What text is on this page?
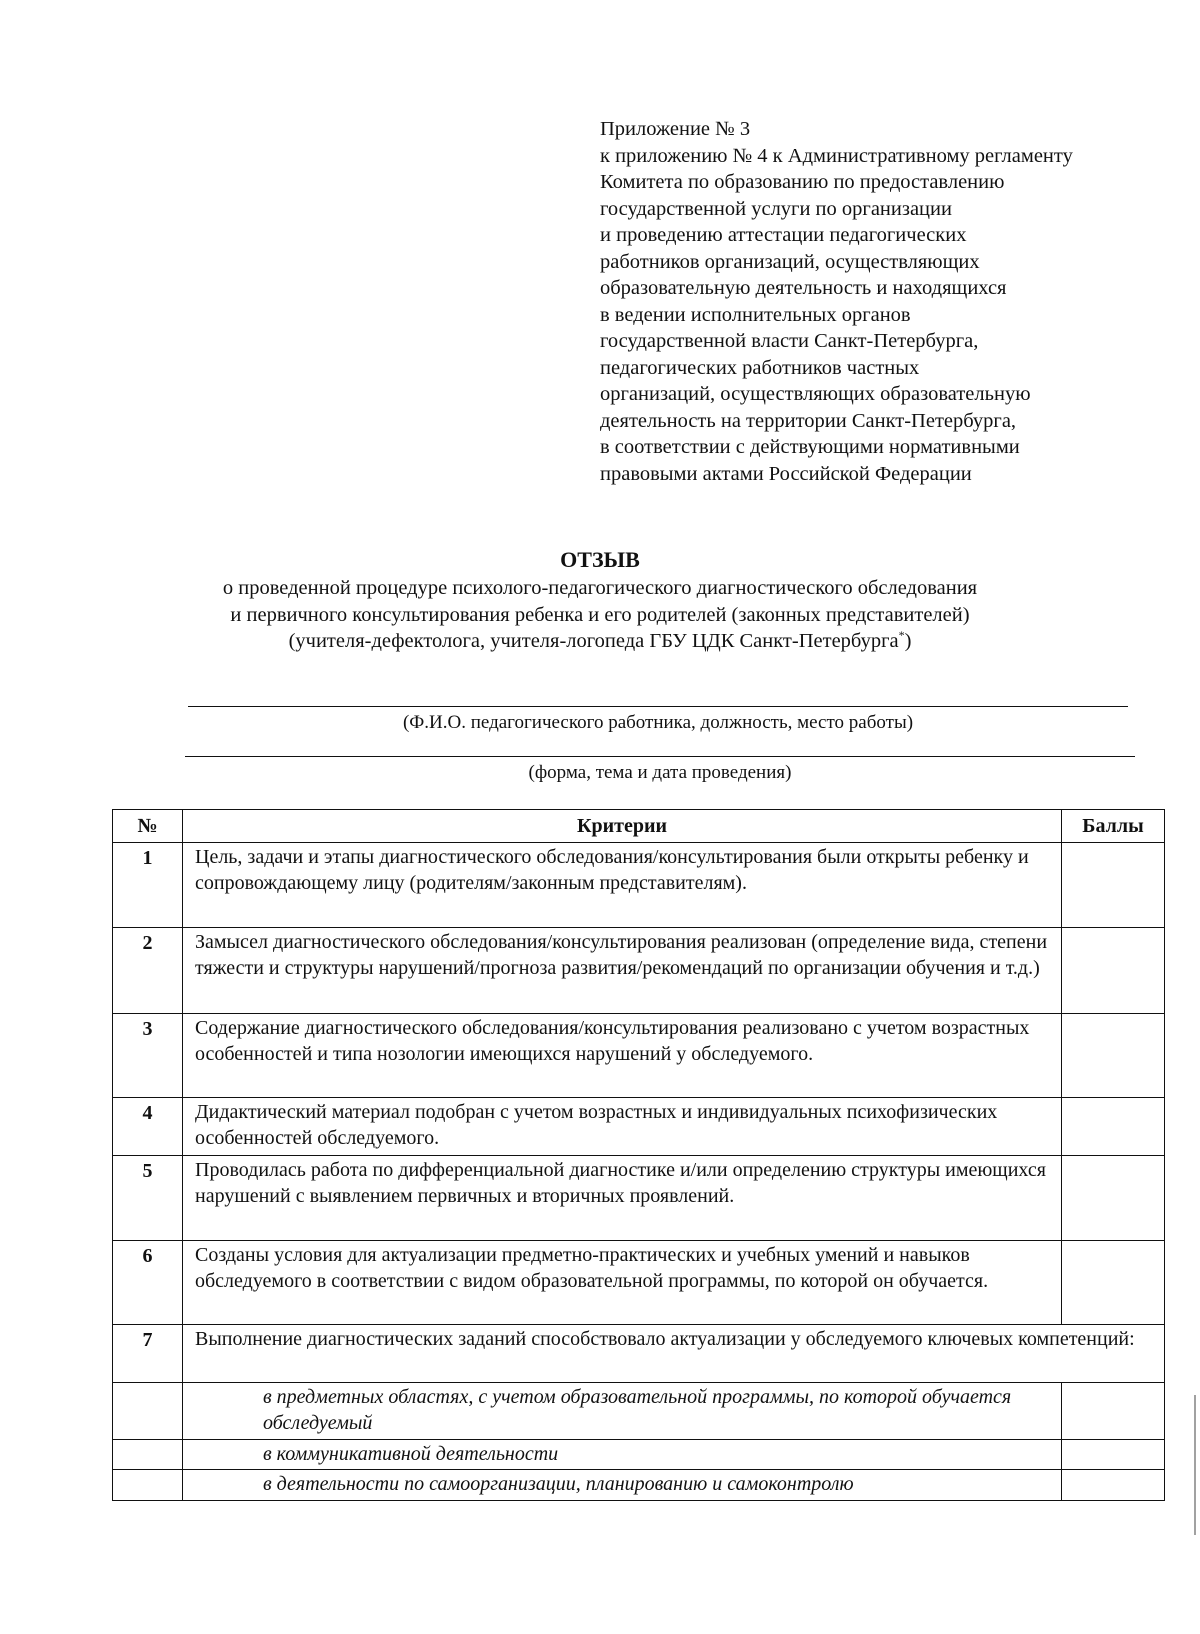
Приложение № 3
к приложению № 4 к Административному регламенту
Комитета по образованию по предоставлению
государственной услуги по организации
и проведению аттестации педагогических
работников организаций, осуществляющих
образовательную деятельность и находящихся
в ведении исполнительных органов
государственной власти Санкт-Петербурга,
педагогических работников частных
организаций, осуществляющих образовательную
деятельность на территории Санкт-Петербурга,
в соответствии с действующими нормативными
правовыми актами Российской Федерации
ОТЗЫВ
о проведенной процедуре психолого-педагогического диагностического обследования
и первичного консультирования ребенка и его родителей (законных представителей)
(учителя-дефектолога, учителя-логопеда ГБУ ЦДК Санкт-Петербурга*)
(Ф.И.О. педагогического работника, должность, место работы)
(форма, тема и дата проведения)
№	Критерии	Баллы
1	Цель, задачи и этапы диагностического обследования/консультирования были открыты ребенку и сопровождающему лицу (родителям/законным представителям).	
2	Замысел диагностического обследования/консультирования реализован (определение вида, степени тяжести и структуры нарушений/прогноза развития/рекомендаций по организации обучения и т.д.)	
3	Содержание диагностического обследования/консультирования реализовано с учетом возрастных особенностей и типа нозологии имеющихся нарушений у обследуемого.	
4	Дидактический материал подобран с учетом возрастных и индивидуальных психофизических особенностей обследуемого.	
5	Проводилась работа по дифференциальной диагностике и/или определению структуры имеющихся нарушений с выявлением первичных и вторичных проявлений.	
6	Созданы условия для актуализации предметно-практических и учебных умений и навыков обследуемого в соответствии с видом образовательной программы, по которой он обучается.	
7	Выполнение диагностических заданий способствовало актуализации у обследуемого ключевых компетенций:	
	в предметных областях, с учетом образовательной программы, по которой обучается обследуемый	
	в коммуникативной деятельности	
	в деятельности по самоорганизации, планированию и самоконтролю	
